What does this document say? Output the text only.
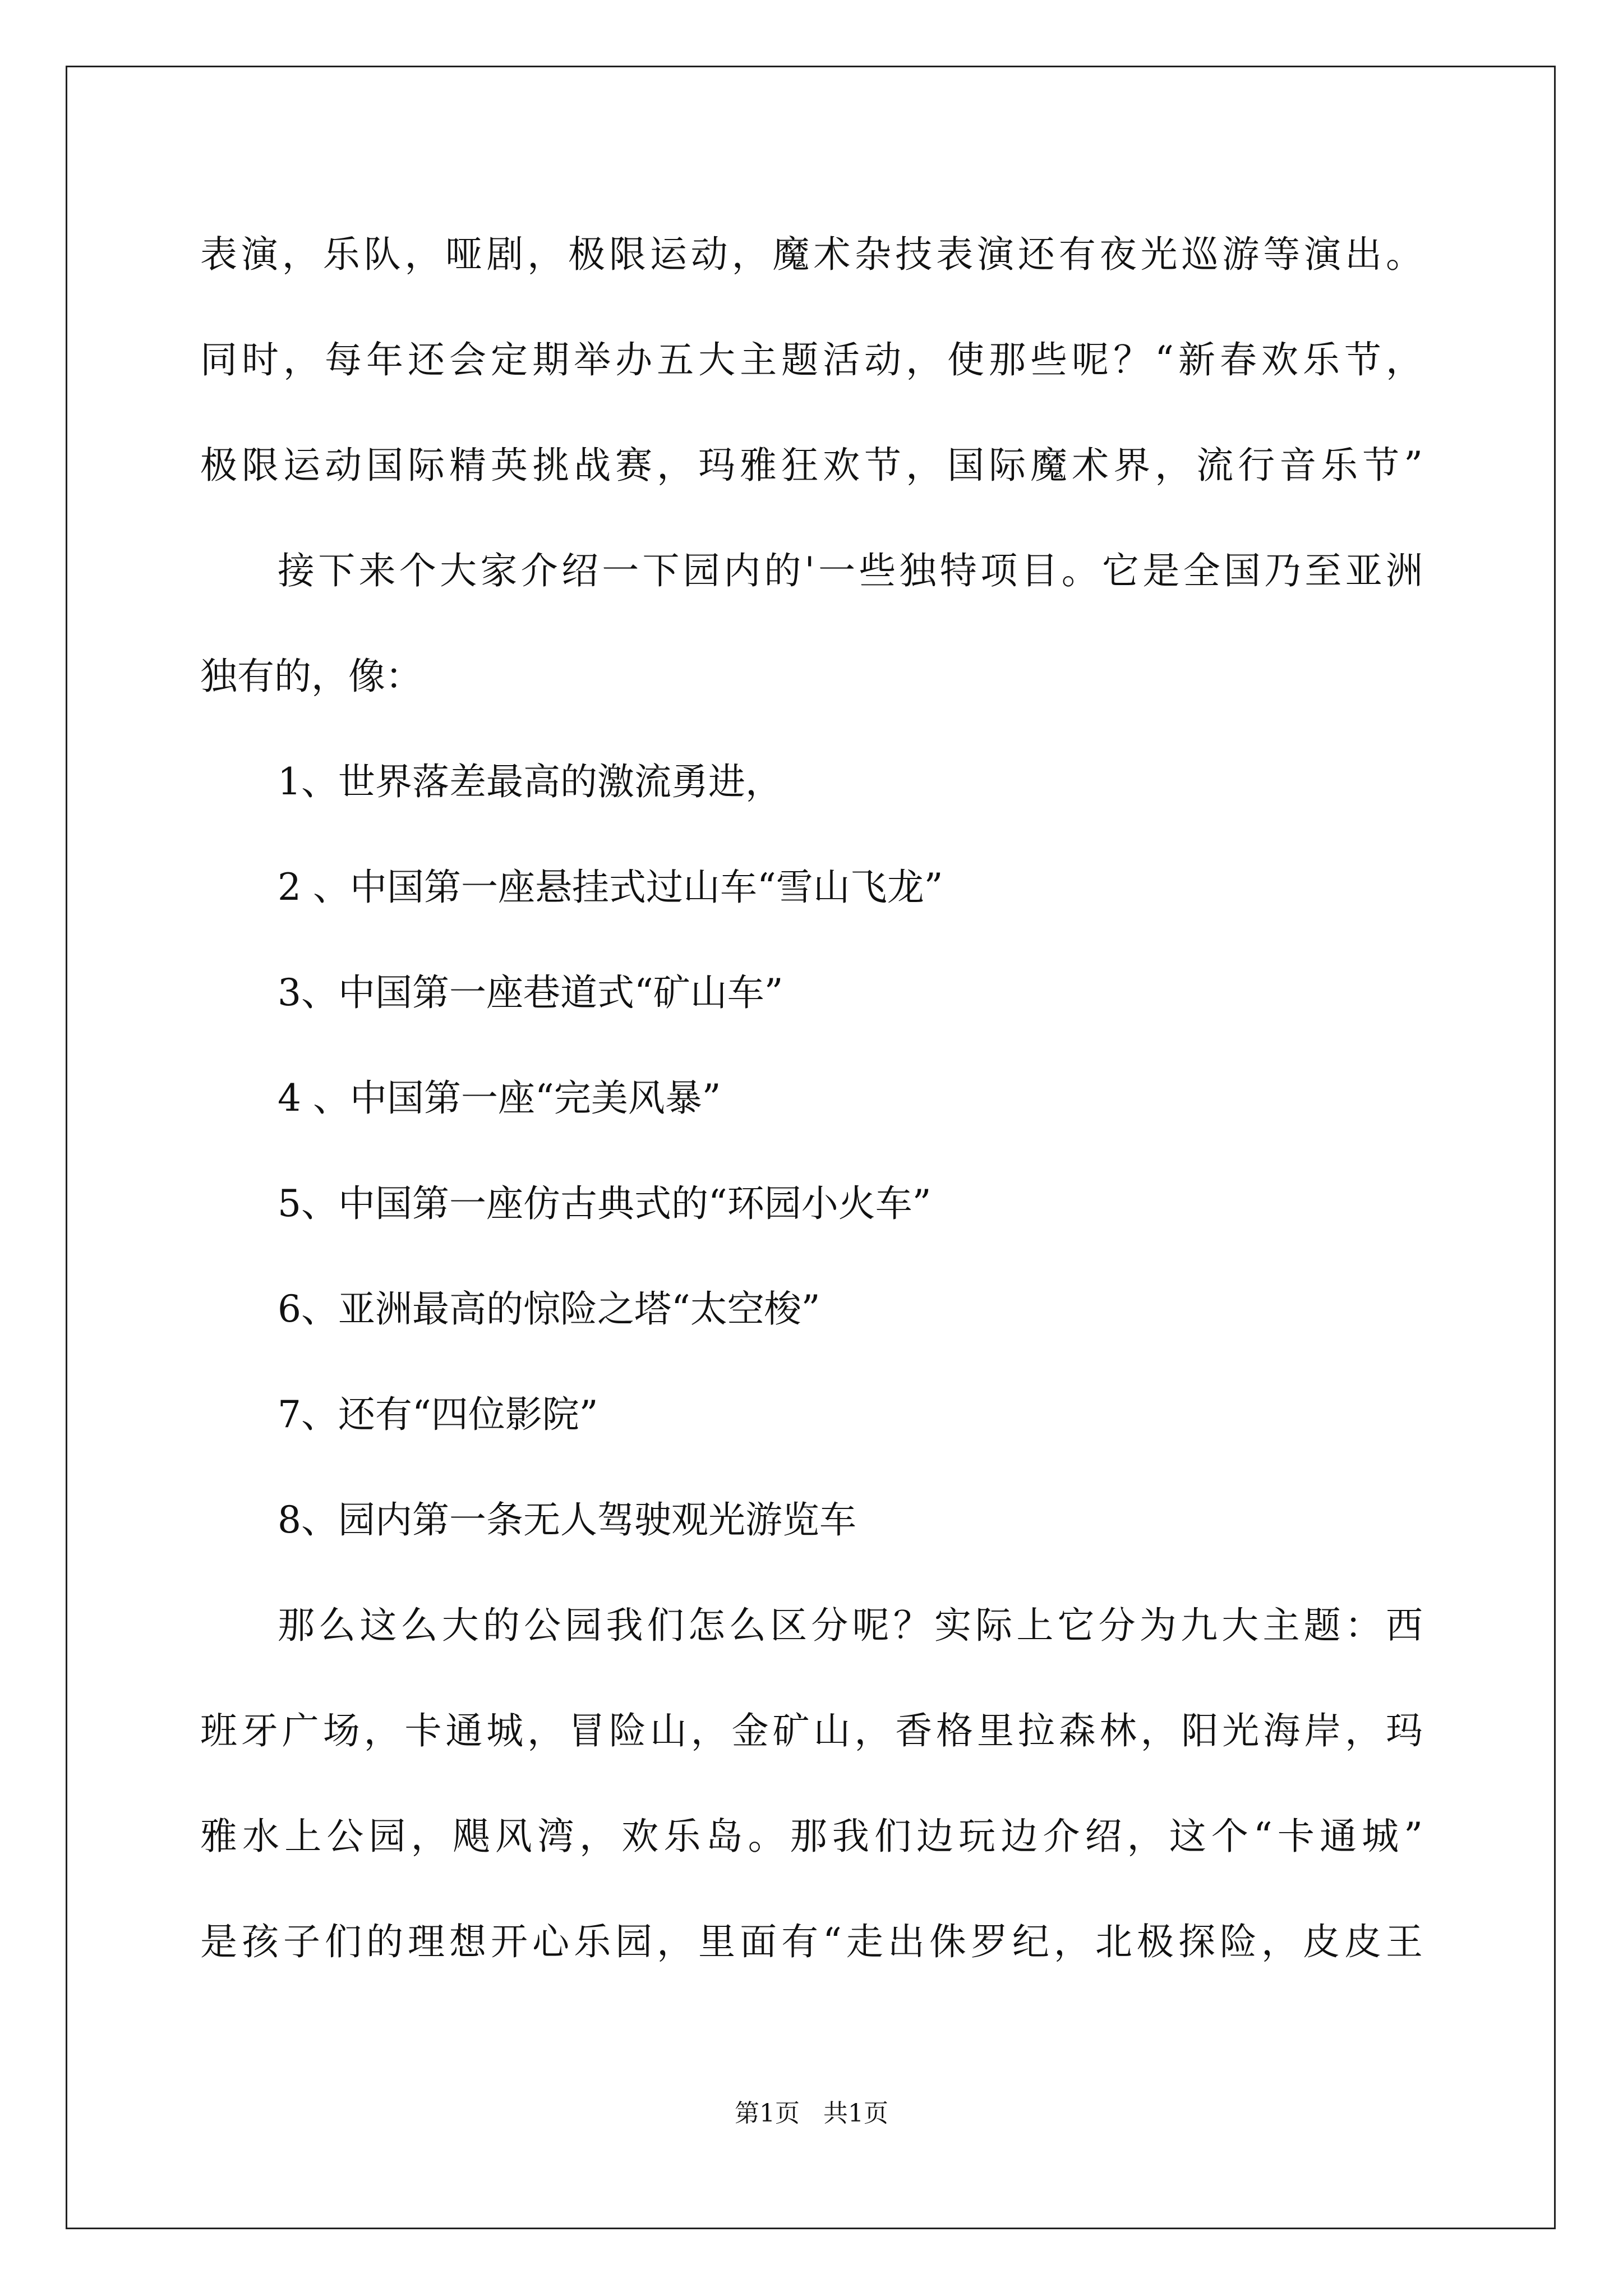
表演，乐队，哑剧，极限运动，魔术杂技表演还有夜光巡游等演出。
同时，每年还会定期举办五大主题活动，使那些呢？“新春欢乐节，
极限运动国际精英挑战赛，玛雅狂欢节，国际魔术界，流行音乐节”
接下来个大家介绍一下园内的'一些独特项目。它是全国乃至亚洲
独有的，像：
1、世界落差最高的激流勇进，
2 、中国第一座悬挂式过山车“雪山飞龙”
3、中国第一座巷道式“矿山车”
4 、中国第一座“完美风暴”
5、中国第一座仿古典式的“环园小火车”
6、亚洲最高的惊险之塔“太空梭”
7、还有“四位影院”
8、园内第一条无人驾驶观光游览车
那么这么大的公园我们怎么区分呢？实际上它分为九大主题：西
班牙广场，卡通城，冒险山，金矿山，香格里拉森林，阳光海岸，玛
雅水上公园，飓风湾，欢乐岛。那我们边玩边介绍，这个“卡通城”
是孩子们的理想开心乐园，里面有“走出侏罗纪，北极探险，皮皮王
第1页 共1页
